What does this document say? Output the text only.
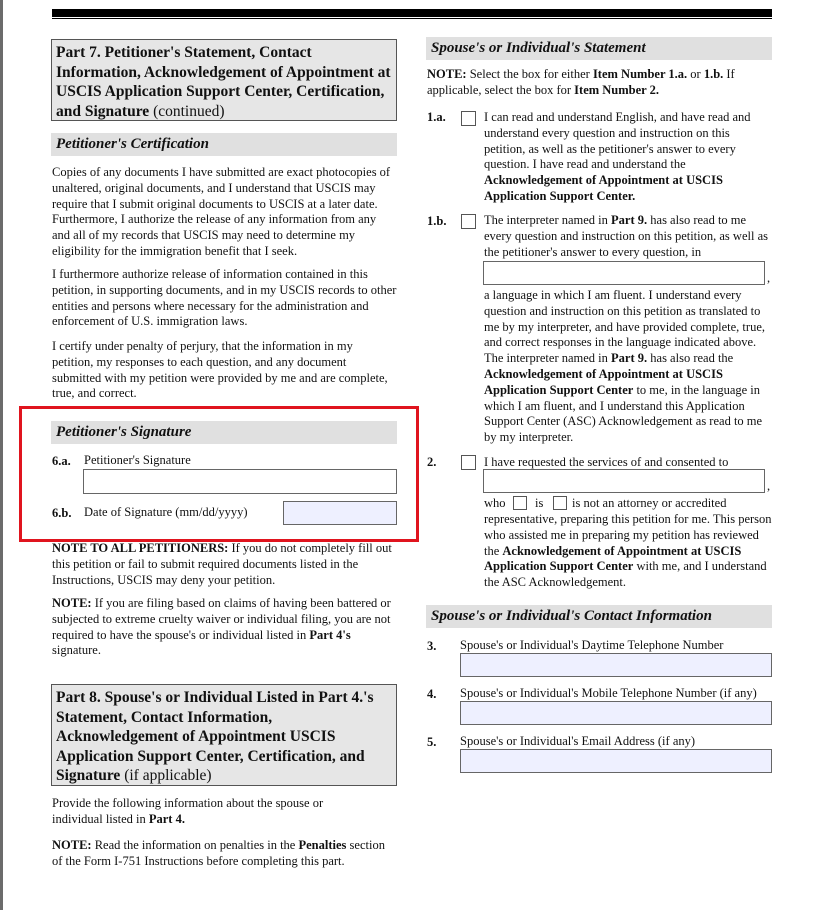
Part 7. Petitioner's Statement, Contact Information, Acknowledgement of Appointment at USCIS Application Support Center, Certification, and Signature (continued)
Petitioner's Certification
Copies of any documents I have submitted are exact photocopies of unaltered, original documents, and I understand that USCIS may require that I submit original documents to USCIS at a later date. Furthermore, I authorize the release of any information from any and all of my records that USCIS may need to determine my eligibility for the immigration benefit that I seek.
I furthermore authorize release of information contained in this petition, in supporting documents, and in my USCIS records to other entities and persons where necessary for the administration and enforcement of U.S. immigration laws.
I certify under penalty of perjury, that the information in my petition, my responses to each question, and any document submitted with my petition were provided by me and are complete, true, and correct.
Petitioner's Signature
6.a. Petitioner's Signature
6.b. Date of Signature (mm/dd/yyyy)
NOTE TO ALL PETITIONERS: If you do not completely fill out this petition or fail to submit required documents listed in the Instructions, USCIS may deny your petition.
NOTE: If you are filing based on claims of having been battered or subjected to extreme cruelty waiver or individual filing, you are not required to have the spouse's or individual listed in Part 4's signature.
Part 8. Spouse's or Individual Listed in Part 4.'s Statement, Contact Information, Acknowledgement of Appointment USCIS Application Support Center, Certification, and Signature (if applicable)
Provide the following information about the spouse or individual listed in Part 4.
NOTE: Read the information on penalties in the Penalties section of the Form I-751 Instructions before completing this part.
Spouse's or Individual's Statement
NOTE: Select the box for either Item Number 1.a. or 1.b. If applicable, select the box for Item Number 2.
1.a.	I can read and understand English, and have read and understand every question and instruction on this petition, as well as the petitioner's answer to every question. I have read and understand the Acknowledgement of Appointment at USCIS Application Support Center.
1.b.	The interpreter named in Part 9. has also read to me every question and instruction on this petition, as well as the petitioner's answer to every question, in
,
a language in which I am fluent. I understand every question and instruction on this petition as translated to me by my interpreter, and have provided complete, true, and correct responses in the language indicated above. The interpreter named in Part 9. has also read the Acknowledgement of Appointment at USCIS Application Support Center to me, in the language in which I am fluent, and I understand this Application Support Center (ASC) Acknowledgement as read to me by my interpreter.
2.	I have requested the services of and consented to
,
who is is not an attorney or accredited
representative, preparing this petition for me. This person who assisted me in preparing my petition has reviewed the Acknowledgement of Appointment at USCIS Application Support Center with me, and I understand the ASC Acknowledgement.
Spouse's or Individual's Contact Information
3. Spouse's or Individual's Daytime Telephone Number
4. Spouse's or Individual's Mobile Telephone Number (if any)
5. Spouse's or Individual's Email Address (if any)
